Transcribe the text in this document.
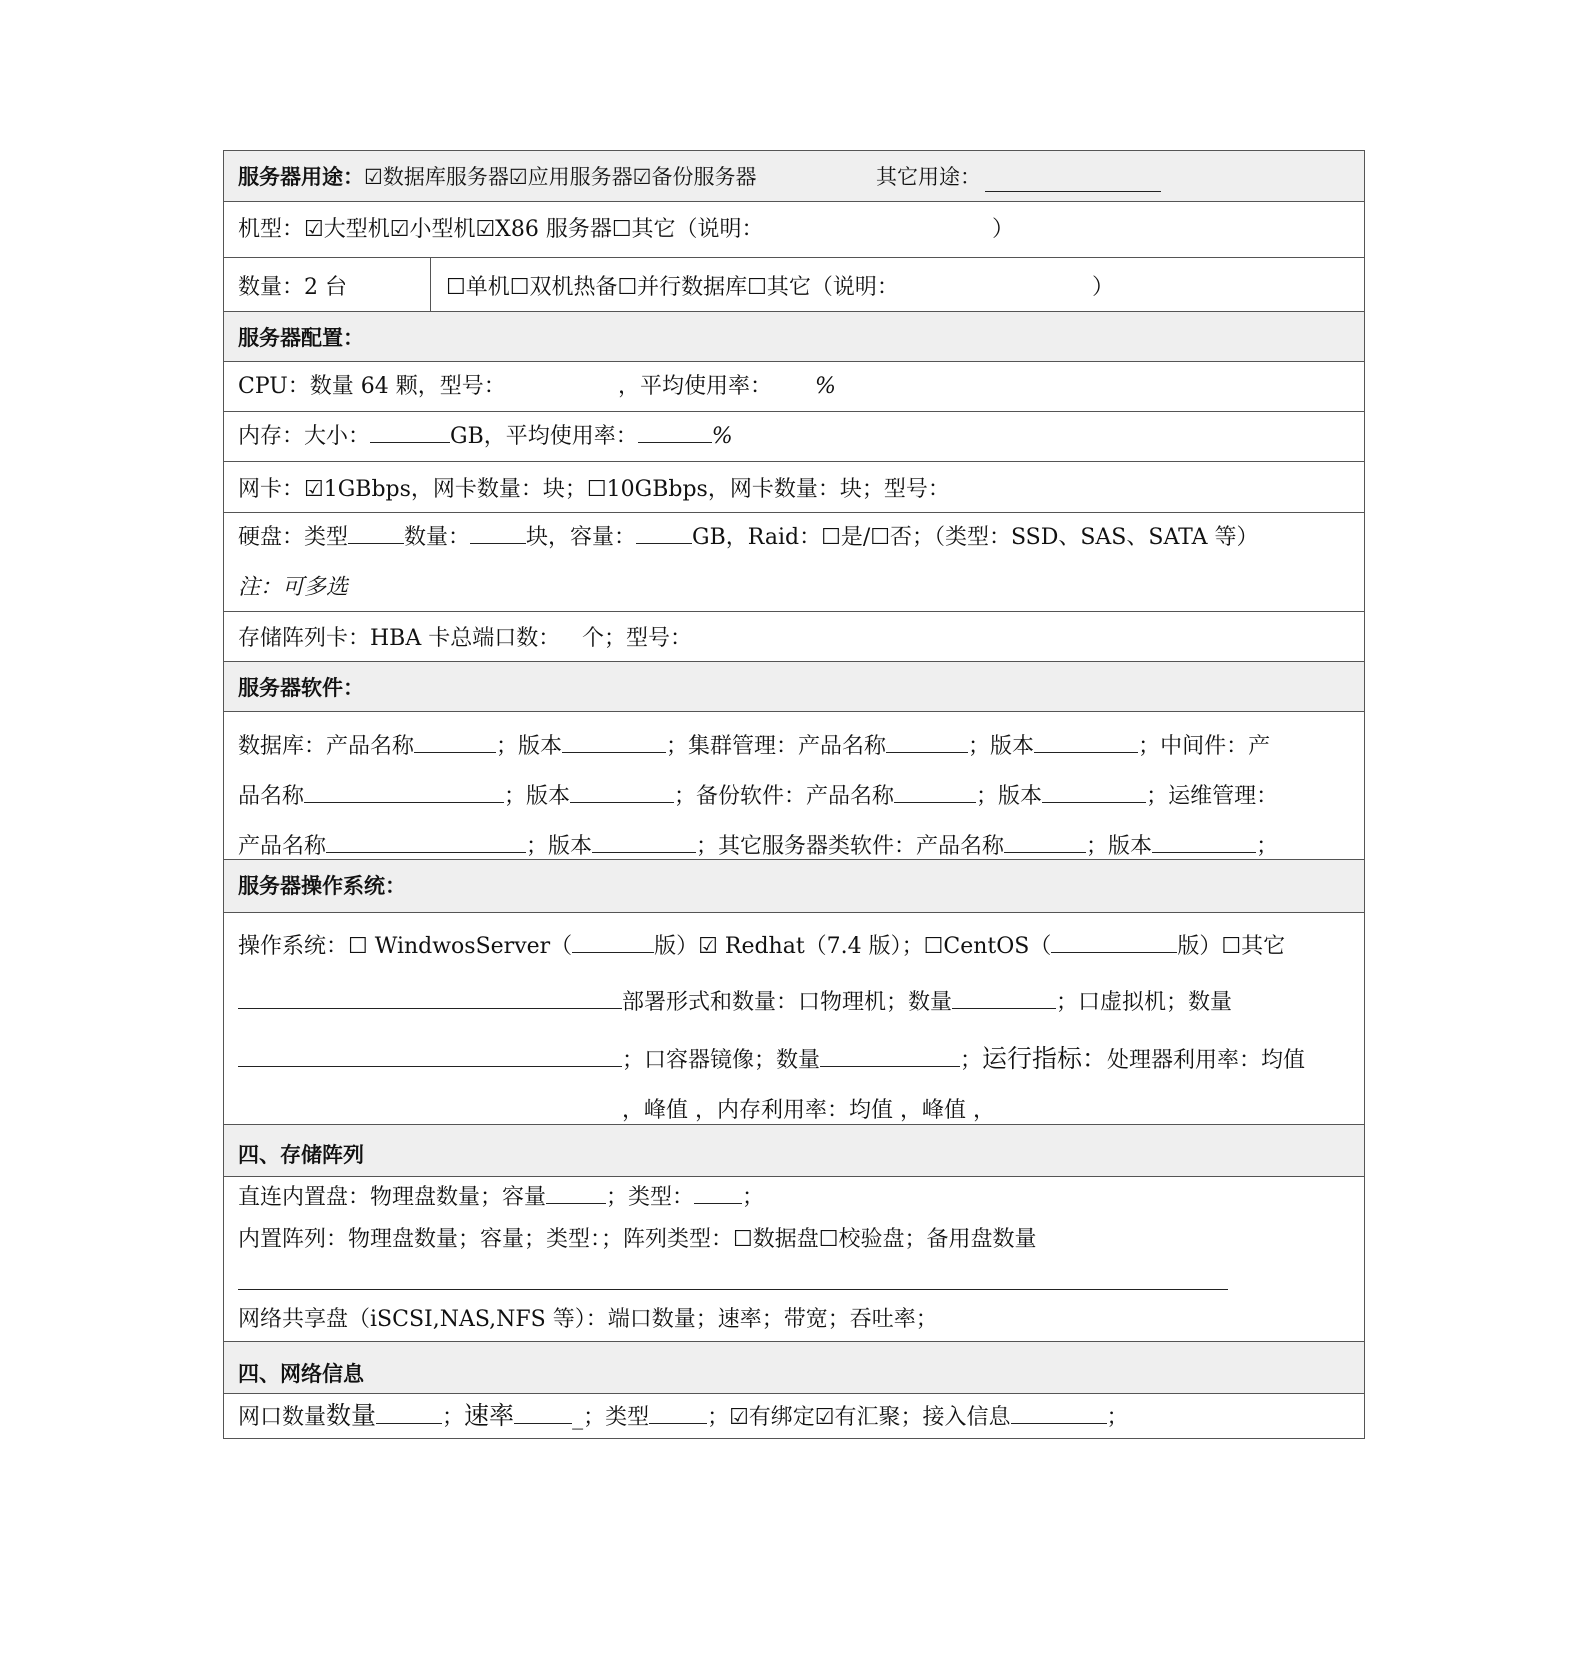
服务器用途：☑数据库服务器☑应用服务器☑备份服务器	其它用途：
机型：☑大型机☑小型机☑X86 服务器☐其它（说明：	）
数量：2 台	☐单机☐双机热备☐并行数据库☐其它（说明：	）
服务器配置：
CPU：数量 64 颗，型号：	，平均使用率： %
内存：大小：	GB，平均使用率：	%
网卡：☑1GBbps，网卡数量：块；☐10GBbps，网卡数量：块；型号：
硬盘：类型	数量：	块，容量：	GB，Raid：☐是/☐否；（类型：SSD、SAS、SATA 等）
注：可多选
存储阵列卡：HBA 卡总端口数： 个；型号：
服务器软件：
数据库：产品名称	；版本	；集群管理：产品名称	；版本	；中间件：产
品名称	；版本	；备份软件：产品名称	；版本	；运维管理：
产品名称	；版本	；其它服务器类软件：产品名称	；版本	；
服务器操作系统：
操作系统：☐ WindwosServer（	版）☑ Redhat（7.4 版）；☐CentOS（	版）☐其它
部署形式和数量：口物理机；数量	；口虚拟机；数量
；口容器镜像；数量	；运行指标：处理器利用率：均值
，峰值 ，内存利用率：均值 ，峰值 ，
四、存储阵列
直连内置盘：物理盘数量；容量	；类型： ；
内置阵列：物理盘数量；容量；类型：；阵列类型：☐数据盘☐校验盘；备用盘数量
网络共享盘（iSCSI,NAS,NFS 等）：端口数量；速率；带宽；吞吐率；
四、网络信息
网口数量数量	；速率	_；类型	；☑有绑定☑有汇聚；接入信息	；
